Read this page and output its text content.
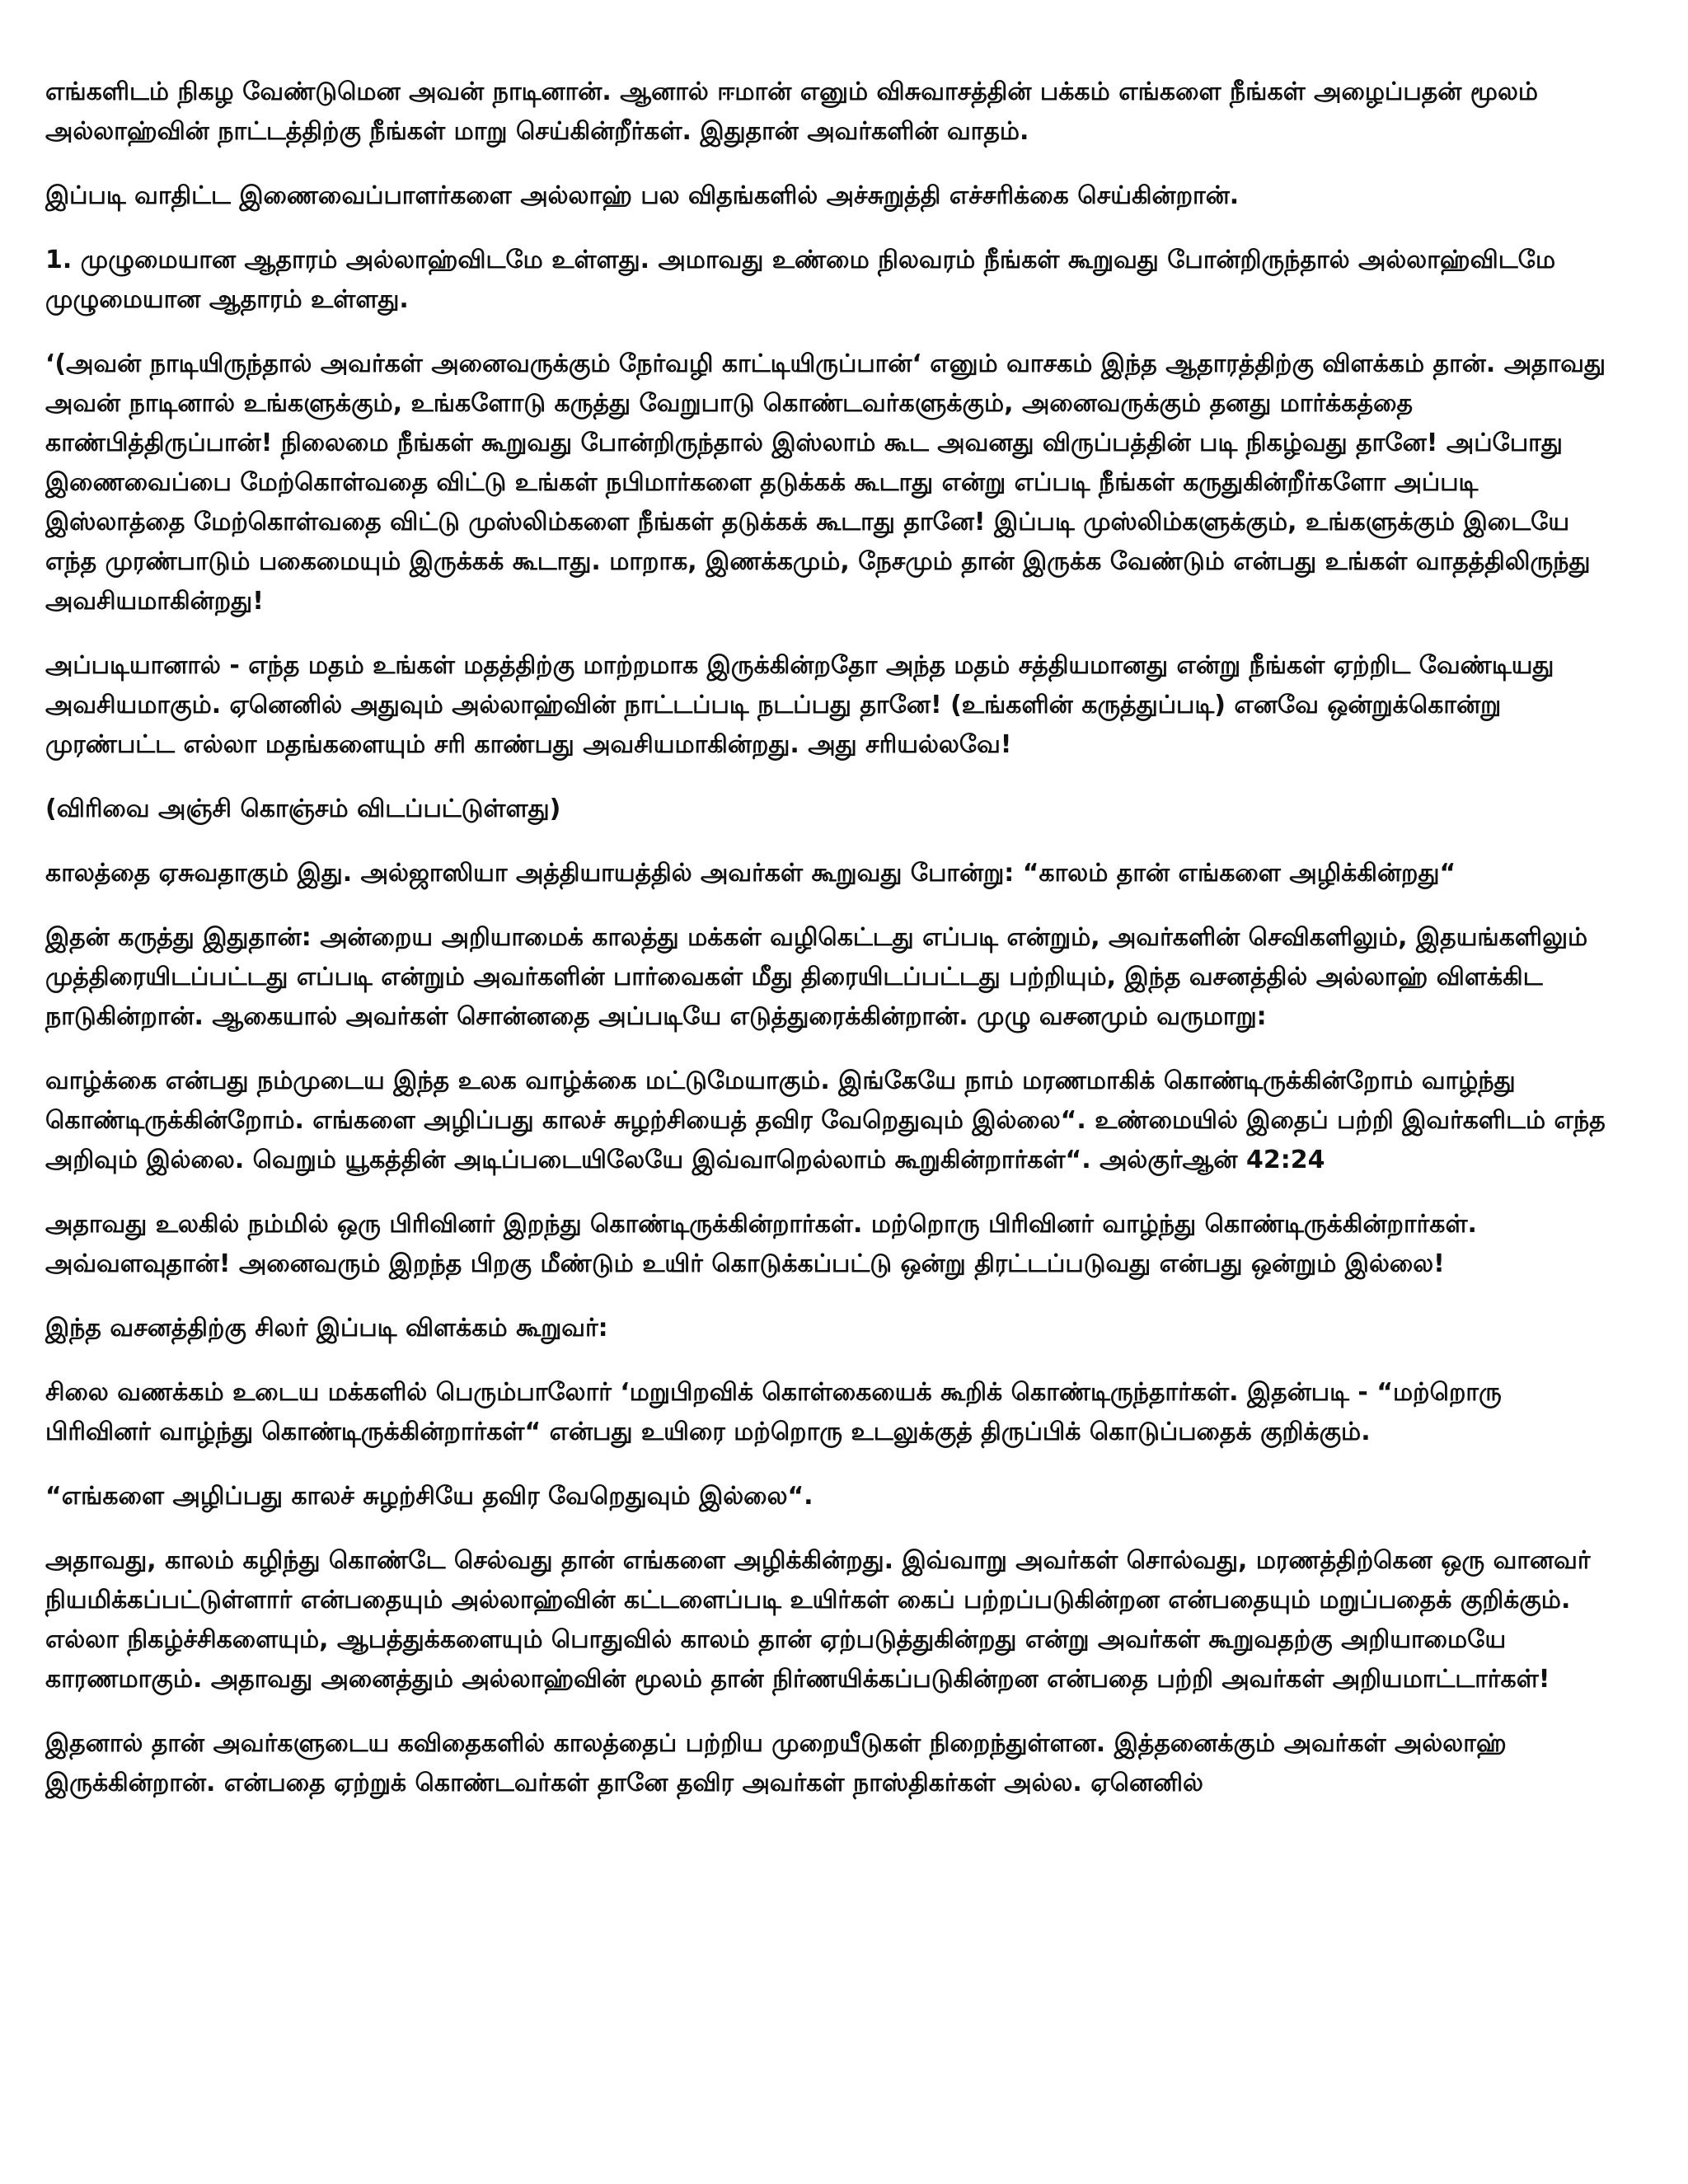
எங்களிடம் நிகழ வேண்டுமென அவன் நாடினான். ஆனால் ஈமான் எனும் விசுவாசத்தின் பக்கம் எங்களை நீங்கள் அழைப்பதன் மூலம் அல்லாஹ்வின் நாட்டத்திற்கு நீங்கள் மாறு செய்கின்றீர்கள். இதுதான் அவர்களின் வாதம்.

இப்படி வாதிட்ட இணைவைப்பாளர்களை அல்லாஹ் பல விதங்களில் அச்சுறுத்தி எச்சரிக்கை செய்கின்றான்.

1. முழுமையான ஆதாரம் அல்லாஹ்விடமே உள்ளது. அமாவது உண்மை நிலவரம் நீங்கள் கூறுவது போன்றிருந்தால் அல்லாஹ்விடமே முழுமையான ஆதாரம் உள்ளது.

‘(அவன் நாடியிருந்தால் அவர்கள் அனைவருக்கும் நேர்வழி காட்டியிருப்பான்‘ எனும் வாசகம் இந்த ஆதாரத்திற்கு விளக்கம் தான். அதாவது அவன் நாடினால் உங்களுக்கும், உங்களோடு கருத்து வேறுபாடு கொண்டவர்களுக்கும், அனைவருக்கும் தனது மார்க்கத்தை காண்பித்திருப்பான்! நிலைமை நீங்கள் கூறுவது போன்றிருந்தால் இஸ்லாம் கூட அவனது விருப்பத்தின் படி நிகழ்வது தானே! அப்போது இணைவைப்பை மேற்கொள்வதை விட்டு உங்கள் நபிமார்களை தடுக்கக் கூடாது என்று எப்படி நீங்கள் கருதுகின்றீர்களோ அப்படி இஸ்லாத்தை மேற்கொள்வதை விட்டு முஸ்லிம்களை நீங்கள் தடுக்கக் கூடாது தானே! இப்படி முஸ்லிம்களுக்கும், உங்களுக்கும் இடையே எந்த முரண்பாடும் பகைமையும் இருக்கக் கூடாது. மாறாக, இணக்கமும், நேசமும் தான் இருக்க வேண்டும் என்பது உங்கள் வாதத்திலிருந்து அவசியமாகின்றது!

அப்படியானால் - எந்த மதம் உங்கள் மதத்திற்கு மாற்றமாக இருக்கின்றதோ அந்த மதம் சத்தியமானது என்று நீங்கள் ஏற்றிட வேண்டியது அவசியமாகும். ஏனெனில் அதுவும் அல்லாஹ்வின் நாட்டப்படி நடப்பது தானே! (உங்களின் கருத்துப்படி) எனவே ஒன்றுக்கொன்று முரண்பட்ட எல்லா மதங்களையும் சரி காண்பது அவசியமாகின்றது. அது சரியல்லவே!

(விரிவை அஞ்சி கொஞ்சம் விடப்பட்டுள்ளது)

காலத்தை ஏசுவதாகும் இது. அல்ஜாஸியா அத்தியாயத்தில் அவர்கள் கூறுவது போன்று: “காலம் தான் எங்களை அழிக்கின்றது“

இதன் கருத்து இதுதான்: அன்றைய அறியாமைக் காலத்து மக்கள் வழிகெட்டது எப்படி என்றும், அவர்களின் செவிகளிலும், இதயங்களிலும் முத்திரையிடப்பட்டது எப்படி என்றும் அவர்களின் பார்வைகள் மீது திரையிடப்பட்டது பற்றியும், இந்த வசனத்தில் அல்லாஹ் விளக்கிட நாடுகின்றான். ஆகையால் அவர்கள் சொன்னதை அப்படியே எடுத்துரைக்கின்றான். முழு வசனமும் வருமாறு:

வாழ்க்கை என்பது நம்முடைய இந்த உலக வாழ்க்கை மட்டுமேயாகும். இங்கேயே நாம் மரணமாகிக் கொண்டிருக்கின்றோம் வாழ்ந்து கொண்டிருக்கின்றோம். எங்களை அழிப்பது காலச் சுழற்சியைத் தவிர வேறெதுவும் இல்லை“. உண்மையில் இதைப் பற்றி இவர்களிடம் எந்த அறிவும் இல்லை. வெறும் யூகத்தின் அடிப்படையிலேயே இவ்வாறெல்லாம் கூறுகின்றார்கள்“. அல்குர்ஆன் 42:24

அதாவது உலகில் நம்மில் ஒரு பிரிவினர் இறந்து கொண்டிருக்கின்றார்கள். மற்றொரு பிரிவினர் வாழ்ந்து கொண்டிருக்கின்றார்கள். அவ்வளவுதான்! அனைவரும் இறந்த பிறகு மீண்டும் உயிர் கொடுக்கப்பட்டு ஒன்று திரட்டப்படுவது என்பது ஒன்றும் இல்லை!

இந்த வசனத்திற்கு சிலர் இப்படி விளக்கம் கூறுவர்:

சிலை வணக்கம் உடைய மக்களில் பெரும்பாலோர் ‘மறுபிறவிக் கொள்கையைக் கூறிக் கொண்டிருந்தார்கள். இதன்படி - “மற்றொரு பிரிவினர் வாழ்ந்து கொண்டிருக்கின்றார்கள்“ என்பது உயிரை மற்றொரு உடலுக்குத் திருப்பிக் கொடுப்பதைக் குறிக்கும்.

“எங்களை அழிப்பது காலச் சுழற்சியே தவிர வேறெதுவும் இல்லை“.

அதாவது, காலம் கழிந்து கொண்டே செல்வது தான் எங்களை அழிக்கின்றது. இவ்வாறு அவர்கள் சொல்வது, மரணத்திற்கென ஒரு வானவர் நியமிக்கப்பட்டுள்ளார் என்பதையும் அல்லாஹ்வின் கட்டளைப்படி உயிர்கள் கைப் பற்றப்படுகின்றன என்பதையும் மறுப்பதைக் குறிக்கும். எல்லா நிகழ்ச்சிகளையும், ஆபத்துக்களையும் பொதுவில் காலம் தான் ஏற்படுத்துகின்றது என்று அவர்கள் கூறுவதற்கு அறியாமையே காரணமாகும். அதாவது அனைத்தும் அல்லாஹ்வின் மூலம் தான் நிர்ணயிக்கப்படுகின்றன என்பதை பற்றி அவர்கள் அறியமாட்டார்கள்!

இதனால் தான் அவர்களுடைய கவிதைகளில் காலத்தைப் பற்றிய முறையீடுகள் நிறைந்துள்ளன. இத்தனைக்கும் அவர்கள் அல்லாஹ் இருக்கின்றான். என்பதை ஏற்றுக் கொண்டவர்கள் தானே தவிர அவர்கள் நாஸ்திகர்கள் அல்ல. ஏனெனில்
